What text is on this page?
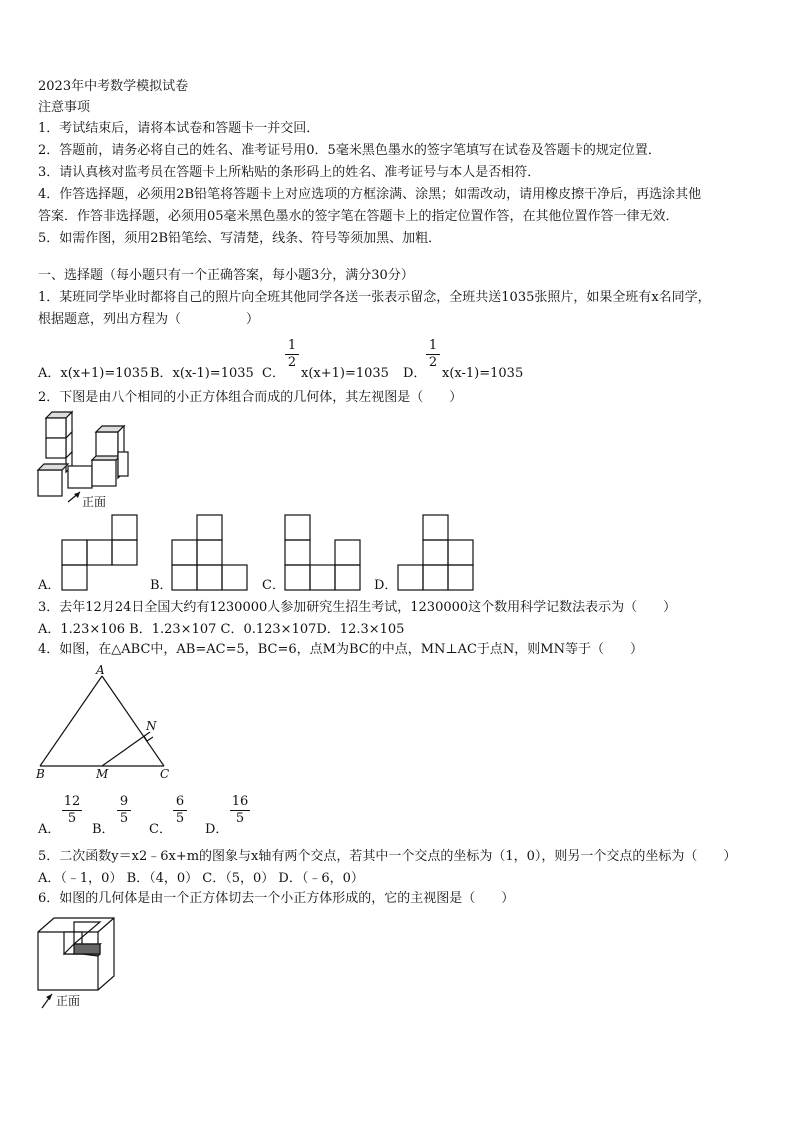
2023年中考数学模拟试卷
注意事项
1．考试结束后，请将本试卷和答题卡一并交回．
2．答题前，请务必将自己的姓名、准考证号用0．5毫米黑色墨水的签字笔填写在试卷及答题卡的规定位置．
3．请认真核对监考员在答题卡上所粘贴的条形码上的姓名、准考证号与本人是否相符．
4．作答选择题，必须用2B铅笔将答题卡上对应选项的方框涂满、涂黑；如需改动，请用橡皮擦干净后，再选涂其他
答案．作答非选择题，必须用05毫米黑色墨水的签字笔在答题卡上的指定位置作答，在其他位置作答一律无效．
5．如需作图，须用2B铅笔绘、写清楚，线条、符号等须加黑、加粗．
一、选择题（每小题只有一个正确答案，每小题3分，满分30分）
1．某班同学毕业时都将自己的照片向全班其他同学各送一张表示留念，全班共送1035张照片，如果全班有x名同学，
根据题意，列出方程为（　　　　　）
A．x(x+1)=1035 B．x(x-1)=1035 C．
$\frac{1}{2}$
x(x+1)=1035 D．
$\frac{1}{2}$
x(x-1)=1035
2．下图是由八个相同的小正方体组合而成的几何体，其左视图是（　　）
正面
A．	B．	C．	D．
3．去年12月24日全国大约有1230000人参加研究生招生考试，1230000这个数用科学记数法表示为（　　）
A．1.23×106 B．1.23×107 C．0.123×107D．12.3×105
4．如图，在△ABC中，AB=AC=5，BC=6，点M为BC的中点，MN⊥AC于点N，则MN等于（　　）
A
B	C
M
N
A．
$\frac{12}{5}$
B．
$\frac{9}{5}$
C．
$\frac{6}{5}$
D．
$\frac{16}{5}$
5．二次函数y＝x2﹣6x+m的图象与x轴有两个交点，若其中一个交点的坐标为（1，0），则另一个交点的坐标为（　　）
A．（﹣1，0） B．（4，0） C．（5，0） D．（﹣6，0）
6．如图的几何体是由一个正方体切去一个小正方体形成的，它的主视图是（　　）
正面
